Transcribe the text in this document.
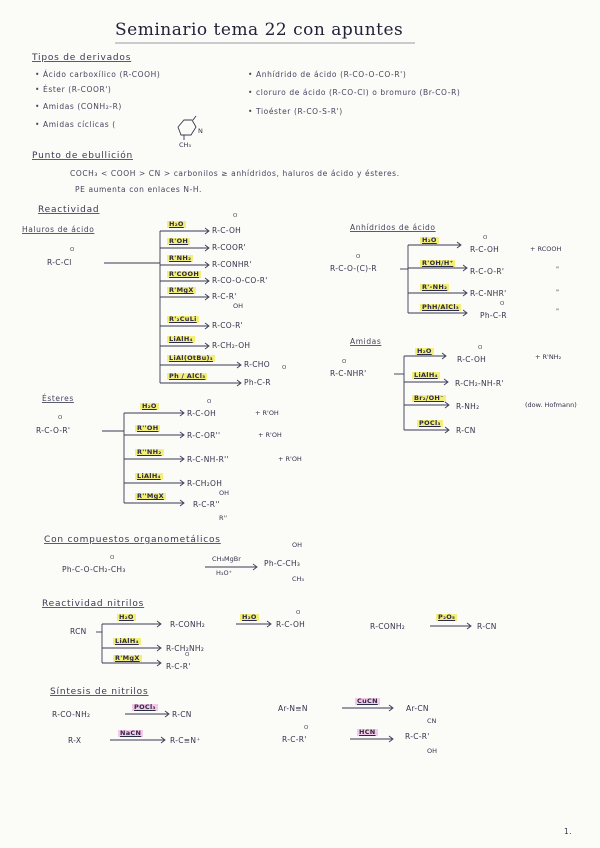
Seminario tema 22 con apuntes
Tipos de derivados
• Ácido carboxílico (R-COOH)
• Éster (R-COOR')
• Amidas (CONH₂-R)
• Amidas cíclicas (
N
CH₃
• Anhídrido de ácido (R-CO-O-CO-R')
• cloruro de ácido (R-CO-Cl) o bromuro (Br-CO-R)
• Tioéster (R-CO-S-R')
Punto de ebullición
COCH₃ < COOH > CN > carbonilos ≥ anhídridos, haluros de ácido y ésteres.
PE aumenta con enlaces N-H.
Reactividad
Haluros de ácido
O
R-C-Cl
H₂O
R'OH
R'NH₂
R'COOH
R'MgX
R'₂CuLi
LiAlH₄
LiAl(OtBu)₃
Ph / AlCl₃
O
R-C-OH
R-COOR'
R-CONHR'
R-CO-O-CO-R'
R-C-R'
OH
R-CO-R'
R-CH₂-OH
R-CHO O
Ph-C-R
Anhídridos de ácido
O
R-C-O-(C)-R
H₂O
R'OH/H⁺
R'-NH₂
PhH/AlCl₃
O
R-C-OH	+ RCOOH
R-C-O-R'	"
R-C-NHR'	"
O
Ph-C-R	"
Amidas
O
R-C-NHR'
H₂O
LiAlH₄
Br₂/OH⁻
POCl₃
O
R-C-OH	+ R'NH₂
R-CH₂-NH-R'
R-NH₂	(dow. Hofmann)
R-CN
Ésteres
O
R-C-O-R'
H₂O
R''OH
R''NH₂
LiAlH₄
R''MgX
O
R-C-OH	+ R'OH
R-C-OR''	+ R'OH
R-C-NH-R''	+ R'OH
R-CH₂OH
OH
R-C-R''
R''
Con compuestos organometálicos
O
Ph-C-O-CH₂-CH₃
CH₃MgBr
H₃O⁺
OH
Ph-C-CH₃
CH₃
Reactividad nitrilos
RCN
H₂O
LiAlH₄
R'MgX
R-CONH₂
R-CH₂NH₂
O
R-C-R'
H₂O	O
R-C-OH	R-CONH₂
P₂O₅
R-CN
Síntesis de nitrilos
R-CO-NH₂
POCl₃
R-CN
R-X
NaCN
R-C≡N⁺
Ar-N≡N
CuCN
Ar-CN
O
R-C-R'
HCN
CN
R-C-R'
OH
1.
